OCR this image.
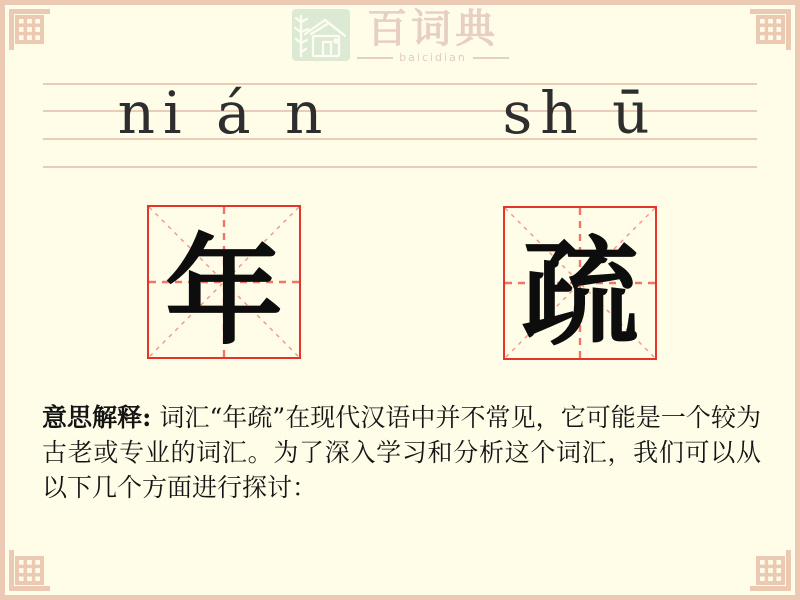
百词典
baicidian
ni á n	sh ū
年 疏
意思解释: 词汇“年疏”在现代汉语中并不常见，它可能是一个较为古老或专业的词汇。为了深入学习和分析这个词汇，我们可以从以下几个方面进行探讨：
